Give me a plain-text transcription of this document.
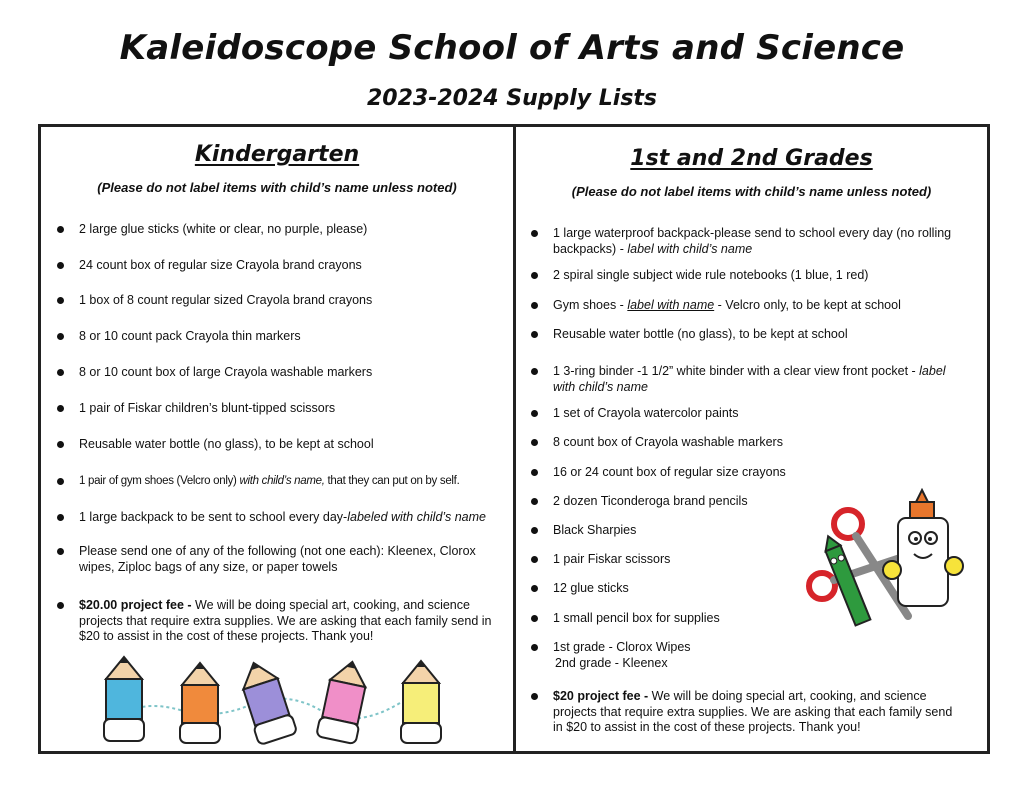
Kaleidoscope School of Arts and Science
2023-2024 Supply Lists
Kindergarten
(Please do not label items with child’s name unless noted)
2 large glue sticks (white or clear, no purple, please)
24 count box of regular size Crayola brand crayons
1 box of 8 count regular sized Crayola brand crayons
8 or 10 count pack Crayola thin markers
8 or 10 count box of large Crayola washable markers
1 pair of Fiskar children’s blunt-tipped scissors
Reusable water bottle (no glass), to be kept at school
1 pair of gym shoes (Velcro only) with child’s name, that they can put on by self.
1 large backpack to be sent to school every day-labeled with child’s name
Please send one of any of the following (not one each): Kleenex, Clorox wipes, Ziploc bags of any size, or paper towels
$20.00 project fee - We will be doing special art, cooking, and science projects that require extra supplies. We are asking that each family send in $20 to assist in the cost of these projects. Thank you!
1st and 2nd Grades
(Please do not label items with child’s name unless noted)
1 large waterproof backpack-please send to school every day (no rolling backpacks) - label with child’s name
2 spiral single subject wide rule notebooks (1 blue, 1 red)
Gym shoes - label with name - Velcro only, to be kept at school
Reusable water bottle (no glass), to be kept at school
1 3-ring binder -1 1/2” white binder with a clear view front pocket - label with child’s name
1 set of Crayola watercolor paints
8 count box of Crayola washable markers
16 or 24 count box of regular size crayons
2 dozen Ticonderoga brand pencils
Black Sharpies
1 pair Fiskar scissors
12 glue sticks
1 small pencil box for supplies
1st grade - Clorox Wipes
2nd grade - Kleenex
$20 project fee - We will be doing special art, cooking, and science projects that require extra supplies. We are asking that each family send in $20 to assist in the cost of these projects. Thank you!
